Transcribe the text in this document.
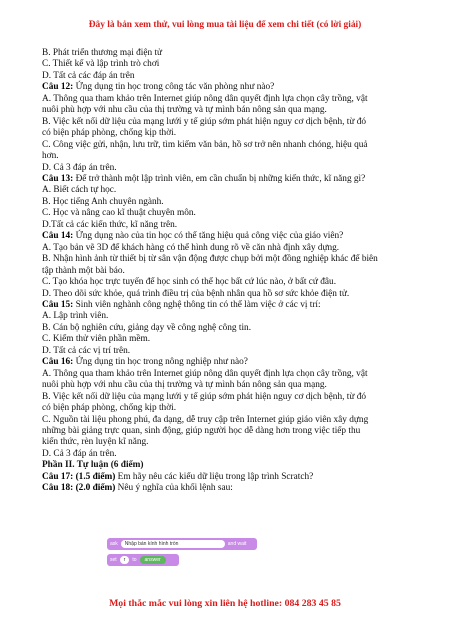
Đây là bản xem thử, vui lòng mua tài liệu để xem chi tiết (có lời giải)
B. Phát triển thương mại điện tử
C. Thiết kế và lập trình trò chơi
D. Tất cả các đáp án trên
Câu 12: Ứng dụng tin học trong công tác văn phòng như nào?
A. Thông qua tham khảo trên Internet giúp nông dân quyết định lựa chọn cây trồng, vật
nuôi phù hợp với nhu cầu của thị trường và tự mình bán nông sản qua mạng.
B. Việc kết nối dữ liệu của mạng lưới y tế giúp sớm phát hiện nguy cơ dịch bệnh, từ đó
có biện pháp phòng, chống kịp thời.
C. Công việc gửi, nhận, lưu trữ, tìm kiếm văn bản, hồ sơ trở nên nhanh chóng, hiệu quả
hơn.
D. Cả 3 đáp án trên.
Câu 13: Để trở thành một lập trình viên, em cần chuẩn bị những kiến thức, kĩ năng gì?
A. Biết cách tự học.
B. Học tiếng Anh chuyên ngành.
C. Học và nâng cao kĩ thuật chuyên môn.
D.Tất cả các kiến thức, kĩ năng trên.
Câu 14: Ứng dụng nào của tin học có thể tăng hiệu quả công việc của giáo viên?
A. Tạo bản vẽ 3D để khách hàng có thể hình dung rõ về căn nhà định xây dựng.
B. Nhận hình ảnh từ thiết bị từ sân vận động được chụp bởi một đồng nghiệp khác để biên
tập thành một bài báo.
C. Tạo khóa học trực tuyến để học sinh có thể học bất cứ lúc nào, ở bất cứ đâu.
D. Theo dõi sức khỏe, quá trình điều trị của bệnh nhân qua hồ sơ sức khỏe điện tử.
Câu 15: Sinh viên nghành công nghệ thông tin có thể làm việc ở các vị trí:
A. Lập trình viên.
B. Cán bộ nghiên cứu, giảng dạy về công nghệ công tin.
C. Kiểm thử viên phần mềm.
D. Tất cả các vị trí trên.
Câu 16: Ứng dụng tin học trong nông nghiệp như nào?
A. Thông qua tham khảo trên Internet giúp nông dân quyết định lựa chọn cây trồng, vật
nuôi phù hợp với nhu cầu của thị trường và tự mình bán nông sản qua mạng.
B. Việc kết nối dữ liệu của mạng lưới y tế giúp sớm phát hiện nguy cơ dịch bệnh, từ đó
có biện pháp phòng, chống kịp thời.
C. Nguồn tài liệu phong phú, đa dạng, dễ truy cập trên Internet giúp giáo viên xây dựng
những bài giảng trực quan, sinh động, giúp người học dễ dàng hơn trong việc tiếp thu
kiến thức, rèn luyện kĩ năng.
D. Cả 3 đáp án trên.
Phần II. Tự luận (6 điểm)
Câu 17: (1.5 điểm) Em hãy nêu các kiểu dữ liệu trong lập trình Scratch?
Câu 18: (2.0 điểm) Nêu ý nghĩa của khối lệnh sau:
ask	Nhập bán kính hình tròn	and wait
set	r	to	answer
Mọi thắc mắc vui lòng xin liên hệ hotline: 084 283 45 85
